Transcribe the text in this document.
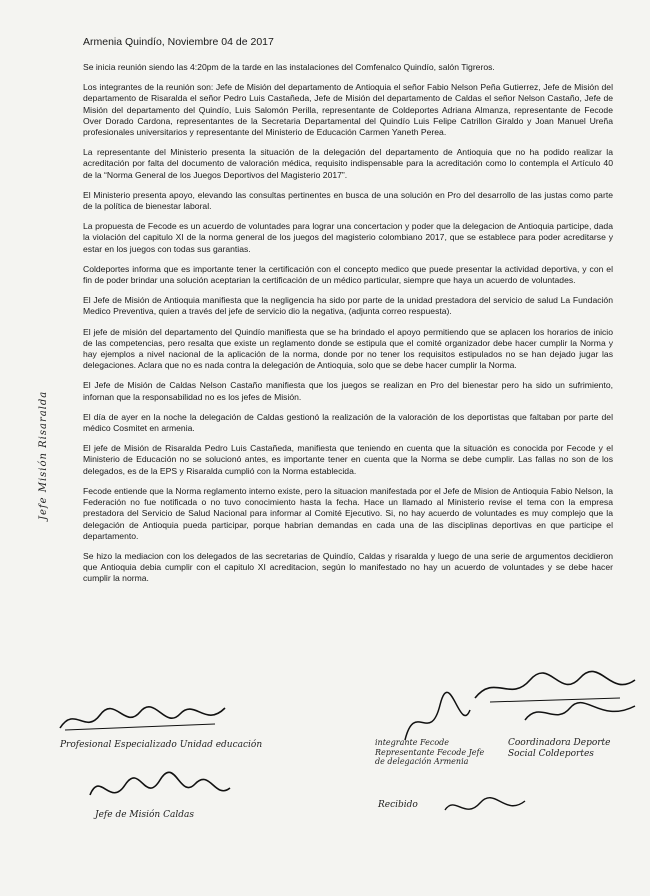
Armenia Quindío, Noviembre 04 de 2017

Se inicia reunión siendo las 4:20pm de la tarde en las instalaciones del Comfenalco Quindío, salón Tigreros.

Los integrantes de la reunión son: Jefe de Misión del departamento de Antioquia el señor Fabio Nelson Peña Gutierrez, Jefe de Misión del departamento de Risaralda el señor Pedro Luis Castañeda, Jefe de Misión del departamento de Caldas el señor Nelson Castaño, Jefe de Misión del departamento del Quindío, Luis Salomón Perilla, representante de Coldeportes Adriana Almanza, representante de Fecode Over Dorado Cardona, representantes de la Secretaria Departamental del Quindío Luis Felipe Catrillon Giraldo y Joan Manuel Ureña profesionales universitarios y representante del Ministerio de Educación Carmen Yaneth Perea.

La representante del Ministerio presenta la situación de la delegación del departamento de Antioquia que no ha podido realizar la acreditación por falta del documento de valoración médica, requisito indispensable para la acreditación como lo contempla el Artículo 40 de la “Norma General de los Juegos Deportivos del Magisterio 2017”.

El Ministerio presenta apoyo, elevando las consultas pertinentes en busca de una solución en Pro del desarrollo de las justas como parte de la política de bienestar laboral.

La propuesta de Fecode es un acuerdo de voluntades para lograr una concertacion y poder que la delegacion de Antioquia participe, dada la violación del capitulo XI de la norma general de los juegos del magisterio colombiano 2017, que se establece para poder acreditarse y estar en los juegos con todas sus garantias.

Coldeportes informa que es importante tener la certificación con el concepto medico que puede presentar la actividad deportiva, y con el fin de poder brindar una solución aceptarian la certificación de un médico particular, siempre que haya un acuerdo de voluntades.

El Jefe de Misión de Antioquia manifiesta que la negligencia ha sido por parte de la unidad prestadora del servicio de salud La Fundación Medico Preventiva, quien a través del jefe de servicio dio la negativa, (adjunta correo respuesta).

El jefe de misión del departamento del Quindío manifiesta que se ha brindado el apoyo permitiendo que se aplacen los horarios de inicio de las competencias, pero resalta que existe un reglamento donde se estipula que el comité organizador debe hacer cumplir la Norma y hay ejemplos a nivel nacional de la aplicación de la norma, donde por no tener los requisitos estipulados no se han dejado jugar las delegaciones. Aclara que no es nada contra la delegación de Antioquia, solo que se debe hacer cumplir la Norma.

El Jefe de Misión de Caldas Nelson Castaño manifiesta que los juegos se realizan en Pro del bienestar pero ha sido un sufrimiento, infornan que la responsabilidad no es los jefes de Misión.

El día de ayer en la noche la delegación de Caldas gestionó la realización de la valoración de los deportistas que faltaban por parte del médico Cosmitet en armenia.

El jefe de Misión de Risaralda Pedro Luis Castañeda, manifiesta que teniendo en cuenta que la situación es conocida por Fecode y el Ministerio de Educación no se solucionó antes, es importante tener en cuenta que la Norma se debe cumplir. Las fallas no son de los delegados, es de la EPS y Risaralda cumplió con la Norma establecida.

Fecode entiende que la Norma reglamento interno existe, pero la situacion manifestada por el Jefe de Mision de Antioquia Fabio Nelson, la Federación no fue notificada o no tuvo conocimiento hasta la fecha. Hace un llamado al Ministerio revise el tema con la empresa prestadora del Servicio de Salud Nacional para informar al Comité Ejecutivo. Si, no hay acuerdo de voluntades es muy complejo que la delegación de Antioquia pueda participar, porque habrian demandas en cada una de las disciplinas deportivas en que participe el departamento.

Se hizo la mediacion con los delegados de las secretarias de Quindío, Caldas y risaralda y luego de una serie de argumentos decidieron que Antioquia debia cumplir con el capitulo XI acreditacion, según lo manifestado no hay un acuerdo de voluntades y se debe hacer cumplir la norma.

Jefe Misión Risaralda
Profesional Especializado Unidad educación
Jefe de Misión Caldas
integrante Fecode Representante Fecode Jefe de delegación Armenia
Coordinadora Deporte Social Coldeportes
Recibido
